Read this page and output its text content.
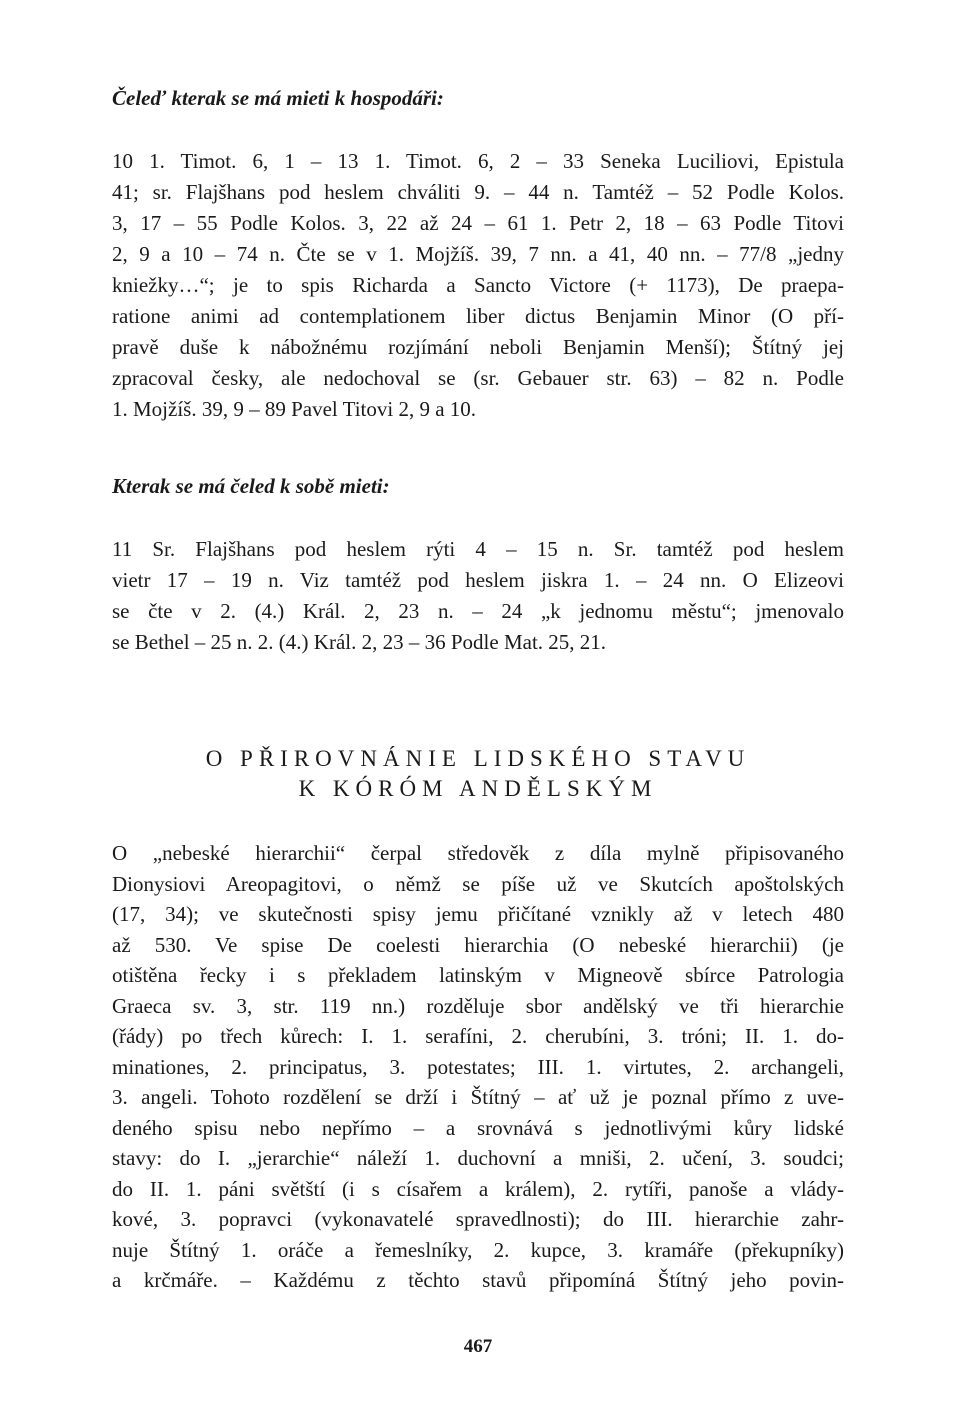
Čeleď kterak se má mieti k hospodáři:
10 1. Timot. 6, 1 – 13 1. Timot. 6, 2 – 33 Seneka Luciliovi, Epistula
41; sr. Flajšhans pod heslem chváliti 9. – 44 n. Tamtéž – 52 Podle Kolos.
3, 17 – 55 Podle Kolos. 3, 22 až 24 – 61 1. Petr 2, 18 – 63 Podle Titovi
2, 9 a 10 – 74 n. Čte se v 1. Mojžíš. 39, 7 nn. a 41, 40 nn. – 77/8 „jedny
kniežky…“; je to spis Richarda a Sancto Victore (+ 1173), De praepa-
ratione animi ad contemplationem liber dictus Benjamin Minor (O pří-
pravě duše k nábožnému rozjímání neboli Benjamin Menší); Štítný jej
zpracoval česky, ale nedochoval se (sr. Gebauer str. 63) – 82 n. Podle
1. Mojžíš. 39, 9 – 89 Pavel Titovi 2, 9 a 10.
Kterak se má čeled k sobě mieti:
11 Sr. Flajšhans pod heslem rýti 4 – 15 n. Sr. tamtéž pod heslem
vietr 17 – 19 n. Viz tamtéž pod heslem jiskra 1. – 24 nn. O Elizeovi
se čte v 2. (4.) Král. 2, 23 n. – 24 „k jednomu městu“; jmenovalo
se Bethel – 25 n. 2. (4.) Král. 2, 23 – 36 Podle Mat. 25, 21.
O PŘIROVNÁNIE LIDSKÉHO STAVU
K KÓRÓM ANDĚLSKÝM
O „nebeské hierarchii“ čerpal středověk z díla mylně připisovaného
Dionysiovi Areopagitovi, o němž se píše už ve Skutcích apoštolských
(17, 34); ve skutečnosti spisy jemu přičítané vznikly až v letech 480
až 530. Ve spise De coelesti hierarchia (O nebeské hierarchii) (je
otištěna řecky i s překladem latinským v Migneově sbírce Patrologia
Graeca sv. 3, str. 119 nn.) rozděluje sbor andělský ve tři hierarchie
(řády) po třech kůrech: I. 1. serafíni, 2. cherubíni, 3. tróni; II. 1. do-
minationes, 2. principatus, 3. potestates; III. 1. virtutes, 2. archangeli,
3. angeli. Tohoto rozdělení se drží i Štítný – ať už je poznal přímo z uve-
deného spisu nebo nepřímo – a srovnává s jednotlivými kůry lidské
stavy: do I. „jerarchie“ náleží 1. duchovní a mniši, 2. učení, 3. soudci;
do II. 1. páni světští (i s císařem a králem), 2. rytíři, panoše a vlády-
kové, 3. popravci (vykonavatelé spravedlnosti); do III. hierarchie zahr-
nuje Štítný 1. oráče a řemeslníky, 2. kupce, 3. kramáře (překupníky)
a krčmáře. – Každému z těchto stavů připomíná Štítný jeho povin-
467
